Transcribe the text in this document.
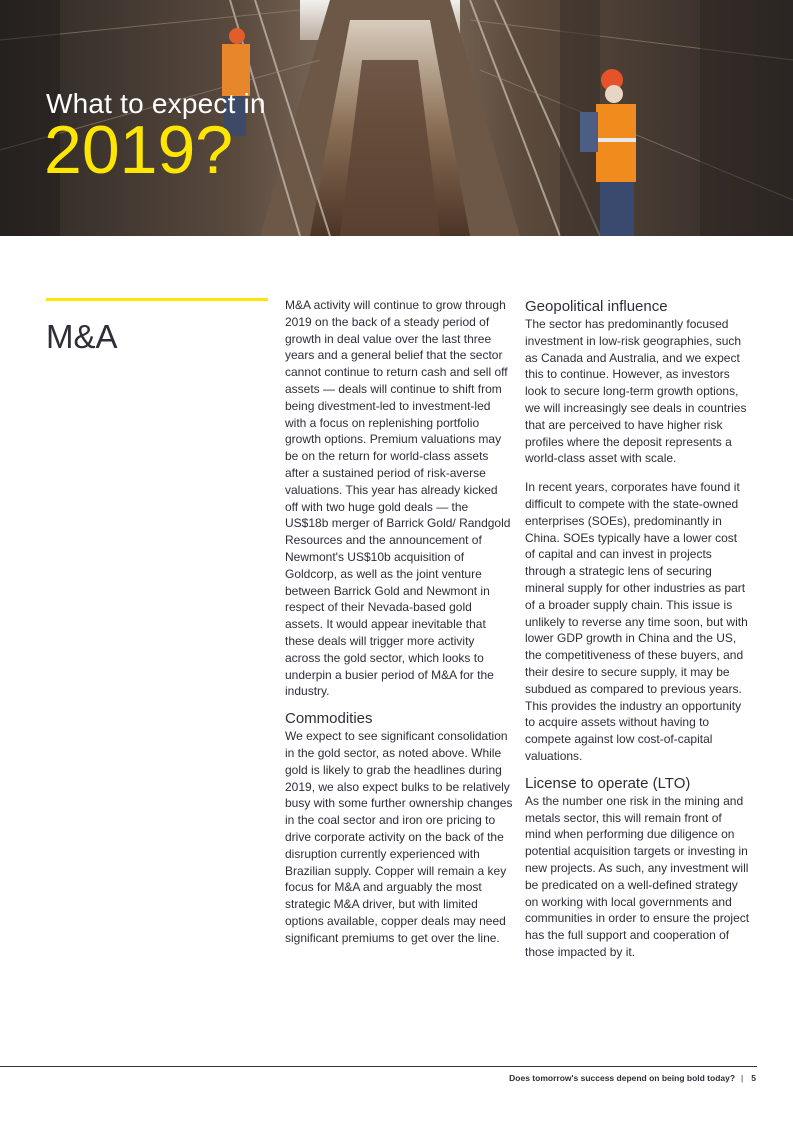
What to expect in
2019?
M&A

M&A activity will continue to grow through 2019 on the back of a steady period of growth in deal value over the last three years and a general belief that the sector cannot continue to return cash and sell off assets — deals will continue to shift from being divestment-led to investment-led with a focus on replenishing portfolio growth options. Premium valuations may be on the return for world-class assets after a sustained period of risk-averse valuations. This year has already kicked off with two huge gold deals — the US$18b merger of Barrick Gold/ Randgold Resources and the announcement of Newmont's US$10b acquisition of Goldcorp, as well as the joint venture between Barrick Gold and Newmont in respect of their Nevada-based gold assets. It would appear inevitable that these deals will trigger more activity across the gold sector, which looks to underpin a busier period of M&A for the industry.

Commodities

We expect to see significant consolidation in the gold sector, as noted above. While gold is likely to grab the headlines during 2019, we also expect bulks to be relatively busy with some further ownership changes in the coal sector and iron ore pricing to drive corporate activity on the back of the disruption currently experienced with Brazilian supply. Copper will remain a key focus for M&A and arguably the most strategic M&A driver, but with limited options available, copper deals may need significant premiums to get over the line.

Geopolitical influence

The sector has predominantly focused investment in low-risk geographies, such as Canada and Australia, and we expect this to continue. However, as investors look to secure long-term growth options, we will increasingly see deals in countries that are perceived to have higher risk profiles where the deposit represents a world-class asset with scale.

In recent years, corporates have found it difficult to compete with the state-owned enterprises (SOEs), predominantly in China. SOEs typically have a lower cost of capital and can invest in projects through a strategic lens of securing mineral supply for other industries as part of a broader supply chain. This issue is unlikely to reverse any time soon, but with lower GDP growth in China and the US, the competitiveness of these buyers, and their desire to secure supply, it may be subdued as compared to previous years. This provides the industry an opportunity to acquire assets without having to compete against low cost-of-capital valuations.

License to operate (LTO)

As the number one risk in the mining and metals sector, this will remain front of mind when performing due diligence on potential acquisition targets or investing in new projects. As such, any investment will be predicated on a well-defined strategy on working with local governments and communities in order to ensure the project has the full support and cooperation of those impacted by it.

Does tomorrow's success depend on being bold today? | 5
